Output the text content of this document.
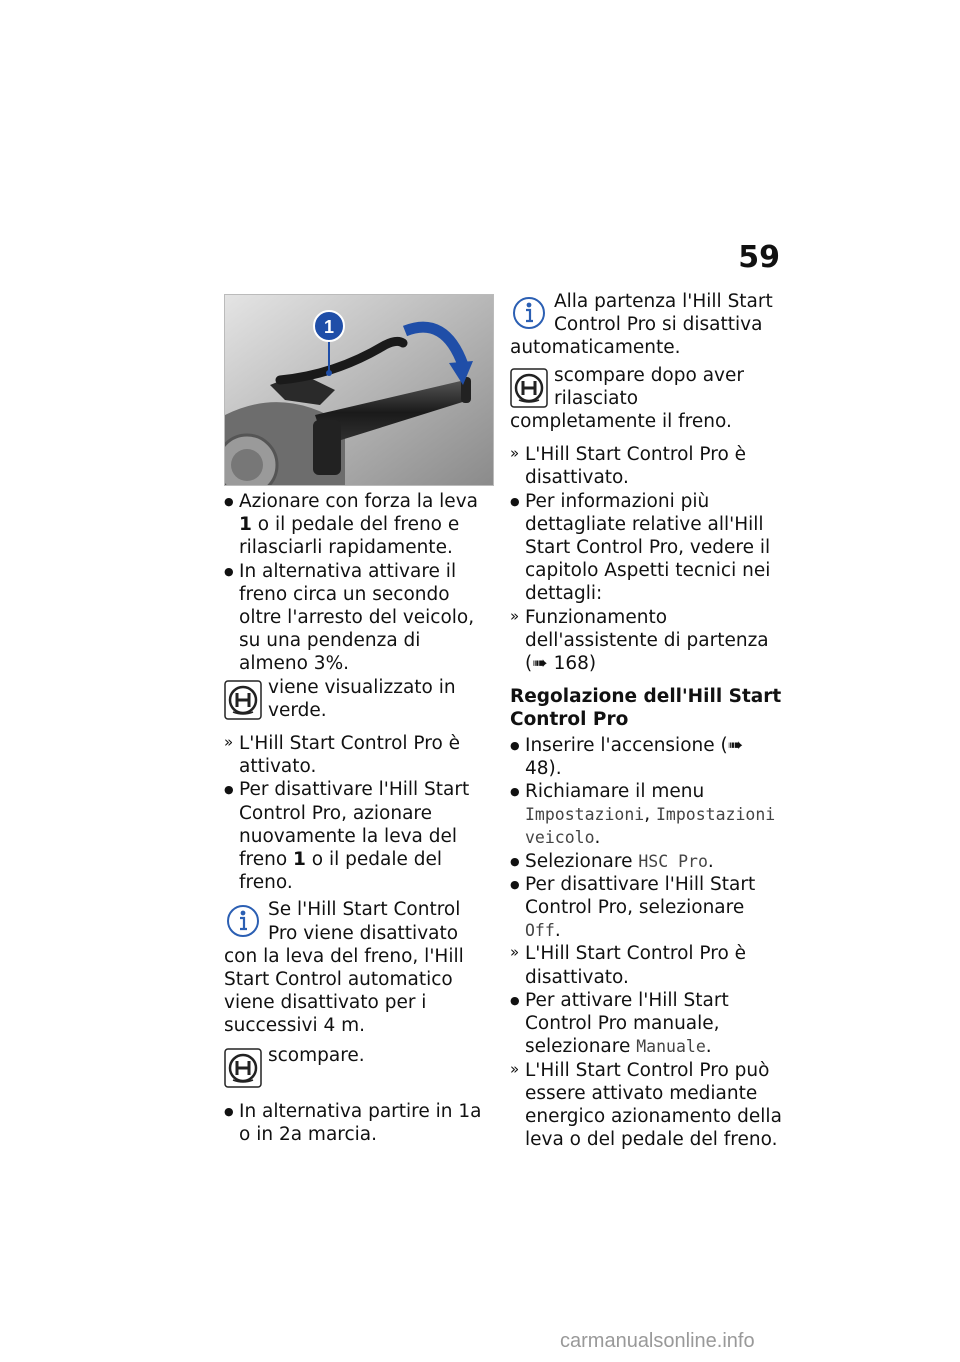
59
1

● Azionare con forza la leva 1 o il pedale del freno e rilasciarli rapidamente.

● In alternativa attivare il freno circa un secondo oltre l'arresto del veicolo, su una pendenza di almeno 3%.

viene visualizzato in verde.

» L'Hill Start Control Pro è attivato.

● Per disattivare l'Hill Start Control Pro, azionare nuovamente la leva del freno 1 o il pedale del freno.

Se l'Hill Start Control Pro viene disattivato con la leva del freno, l'Hill Start Control automatico viene disattivato per i successivi 4 m.

scompare.

● In alternativa partire in 1a o in 2a marcia.

Alla partenza l'Hill Start Control Pro si disattiva automaticamente.

scompare dopo aver rilasciato completamente il freno.

» L'Hill Start Control Pro è disattivato.

● Per informazioni più dettagliate relative all'Hill Start Control Pro, vedere il capitolo Aspetti tecnici nei dettagli:

» Funzionamento dell'assistente di partenza (➠ 168)

Regolazione dell'Hill Start Control Pro

● Inserire l'accensione (➠ 48).

● Richiamare il menu Impostazioni, Impostazioni veicolo.

● Selezionare HSC Pro.

● Per disattivare l'Hill Start Control Pro, selezionare Off.

» L'Hill Start Control Pro è disattivato.

● Per attivare l'Hill Start Control Pro manuale, selezionare Manuale.

» L'Hill Start Control Pro può essere attivato mediante energico azionamento della leva o del pedale del freno.

carmanualsonline.info
